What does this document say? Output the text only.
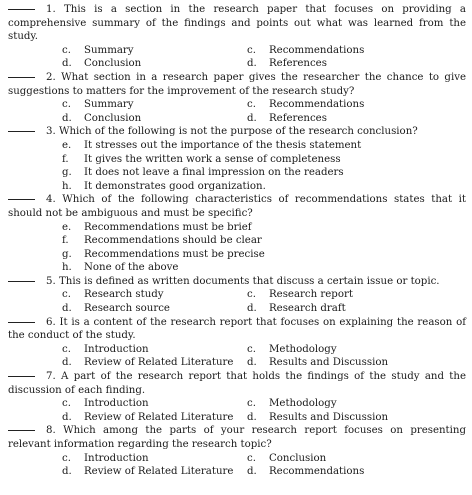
1. This is a section in the research paper that focuses on providing a comprehensive summary of the findings and points out what was learned from the study.
c. Summary	c. Recommendations
d. Conclusion	d. References
2. What section in a research paper gives the researcher the chance to give suggestions to matters for the improvement of the research study?
c. Summary	c. Recommendations
d. Conclusion	d. References
3. Which of the following is not the purpose of the research conclusion?
e. It stresses out the importance of the thesis statement
f. It gives the written work a sense of completeness
g. It does not leave a final impression on the readers
h. It demonstrates good organization.
4. Which of the following characteristics of recommendations states that it should not be ambiguous and must be specific?
e. Recommendations must be brief
f. Recommendations should be clear
g. Recommendations must be precise
h. None of the above
5. This is defined as written documents that discuss a certain issue or topic.
c. Research study	c. Research report
d. Research source	d. Research draft
6. It is a content of the research report that focuses on explaining the reason of the conduct of the study.
c. Introduction	c. Methodology
d. Review of Related Literature	d. Results and Discussion
7. A part of the research report that holds the findings of the study and the discussion of each finding.
c. Introduction	c. Methodology
d. Review of Related Literature	d. Results and Discussion
8. Which among the parts of your research report focuses on presenting relevant information regarding the research topic?
c. Introduction	c. Conclusion
d. Review of Related Literature	d. Recommendations
